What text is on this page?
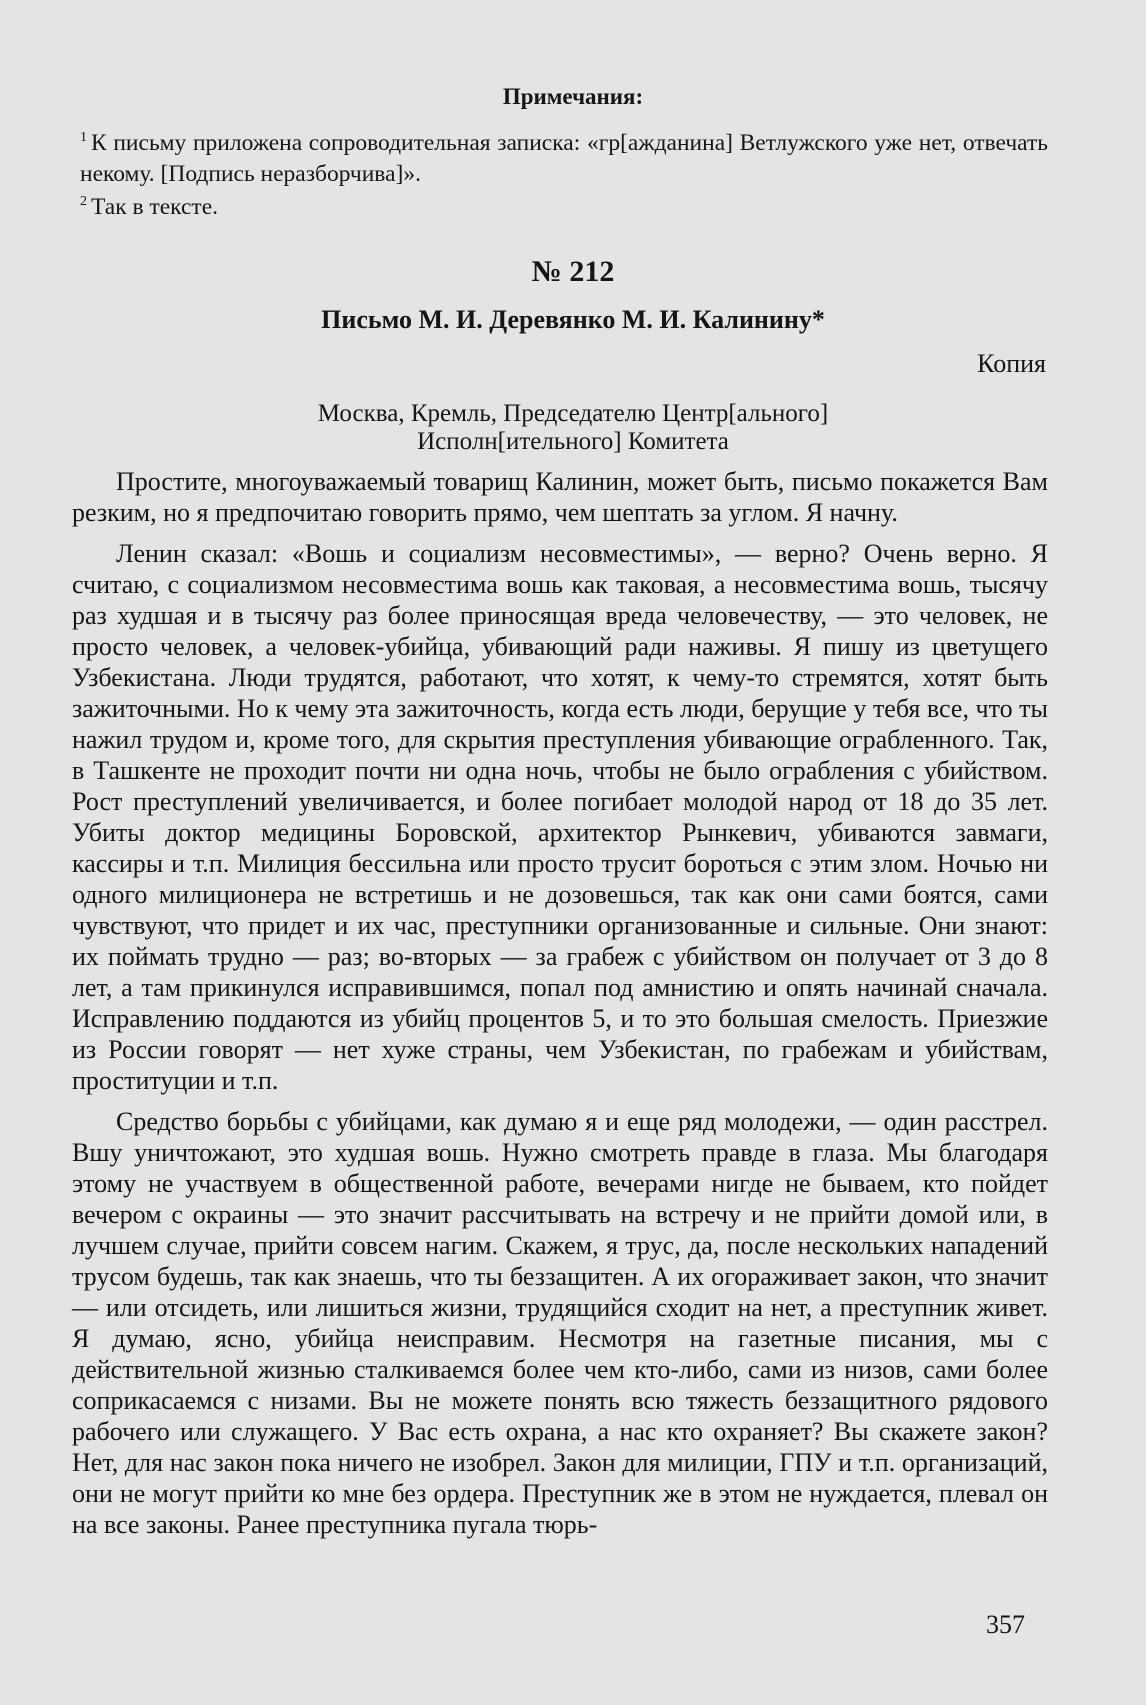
Примечания:
$^1$ К письму приложена сопроводительная записка: «гр[ажданина] Ветлужского уже нет, отвечать некому. [Подпись неразборчива]».
$^2$ Так в тексте.
№ 212
Письмо М. И. Деревянко М. И. Калинину*
Копия
Москва, Кремль, Председателю Центр[ального]
Исполн[ительного] Комитета

Простите, многоуважаемый товарищ Калинин, может быть, письмо покажется Вам резким, но я предпочитаю говорить прямо, чем шептать за углом. Я начну.

Ленин сказал: «Вошь и социализм несовместимы», — верно? Очень верно. Я считаю, с социализмом несовместима вошь как таковая, а несовместима вошь, тысячу раз худшая и в тысячу раз более приносящая вреда человечеству, — это человек, не просто человек, а человек-убийца, убивающий ради наживы. Я пишу из цветущего Узбекистана. Люди трудятся, работают, что хотят, к чему-то стремятся, хотят быть зажиточными. Но к чему эта зажиточность, когда есть люди, берущие у тебя все, что ты нажил трудом и, кроме того, для скрытия преступления убивающие ограбленного. Так, в Ташкенте не проходит почти ни одна ночь, чтобы не было ограбления с убийством. Рост преступлений увеличивается, и более погибает молодой народ от 18 до 35 лет. Убиты доктор медицины Боровской, архитектор Рынкевич, убиваются завмаги, кассиры и т.п. Милиция бессильна или просто трусит бороться с этим злом. Ночью ни одного милиционера не встретишь и не дозовешься, так как они сами боятся, сами чувствуют, что придет и их час, преступники организованные и сильные. Они знают: их поймать трудно — раз; во-вторых — за грабеж с убийством он получает от 3 до 8 лет, а там прикинулся исправившимся, попал под амнистию и опять начинай сначала. Исправлению поддаются из убийц процентов 5, и то это большая смелость. Приезжие из России говорят — нет хуже страны, чем Узбекистан, по грабежам и убийствам, проституции и т.п.

Средство борьбы с убийцами, как думаю я и еще ряд молодежи, — один расстрел. Вшу уничтожают, это худшая вошь. Нужно смотреть правде в глаза. Мы благодаря этому не участвуем в общественной работе, вечерами нигде не бываем, кто пойдет вечером с окраины — это значит рассчитывать на встречу и не прийти домой или, в лучшем случае, прийти совсем нагим. Скажем, я трус, да, после нескольких нападений трусом будешь, так как знаешь, что ты беззащитен. А их огораживает закон, что значит — или отсидеть, или лишиться жизни, трудящийся сходит на нет, а преступник живет. Я думаю, ясно, убийца неисправим. Несмотря на газетные писания, мы с действительной жизнью сталкиваемся более чем кто-либо, сами из низов, сами более соприкасаемся с низами. Вы не можете понять всю тяжесть беззащитного рядового рабочего или служащего. У Вас есть охрана, а нас кто охраняет? Вы скажете закон? Нет, для нас закон пока ничего не изобрел. Закон для милиции, ГПУ и т.п. организаций, они не могут прийти ко мне без ордера. Преступник же в этом не нуждается, плевал он на все законы. Ранее преступника пугала тюрь-

357
